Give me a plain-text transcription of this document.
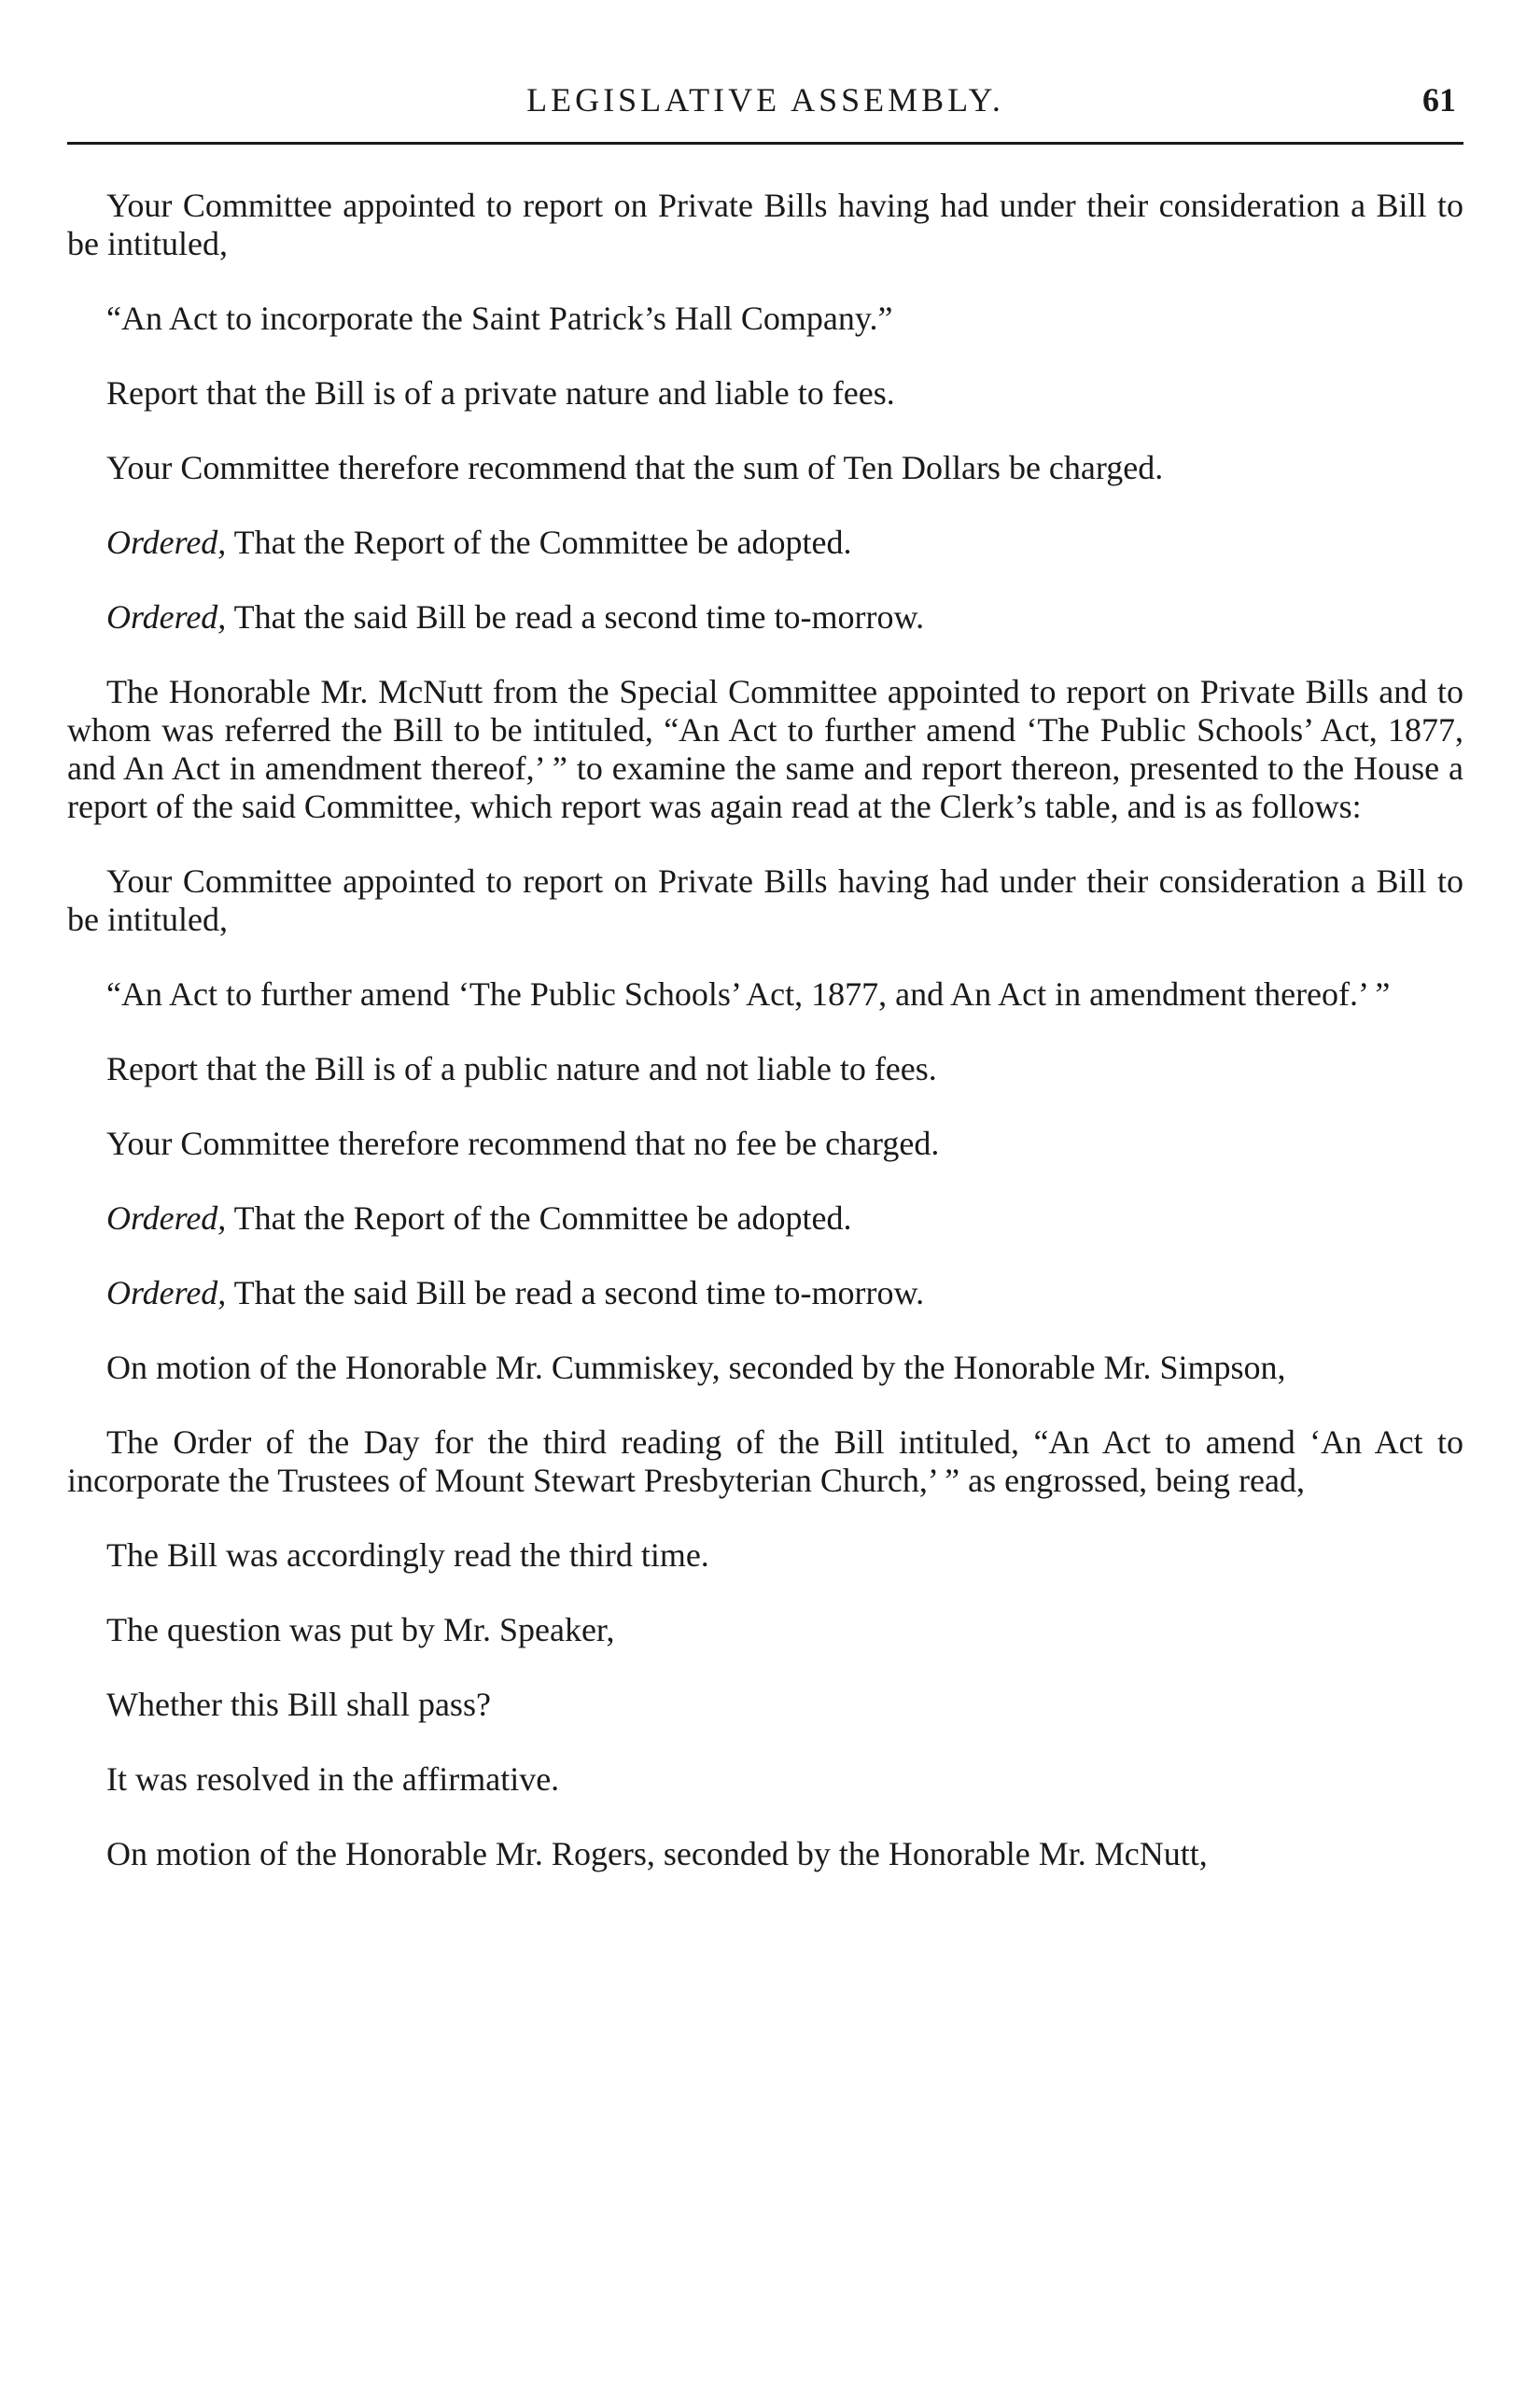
LEGISLATIVE ASSEMBLY.	61

Your Committee appointed to report on Private Bills having had under their consideration a Bill to be intituled,

“An Act to incorporate the Saint Patrick’s Hall Company.”

Report that the Bill is of a private nature and liable to fees.

Your Committee therefore recommend that the sum of Ten Dollars be charged.

Ordered, That the Report of the Committee be adopted.

Ordered, That the said Bill be read a second time to-morrow.

The Honorable Mr. McNutt from the Special Committee appointed to report on Private Bills and to whom was referred the Bill to be intituled, “An Act to further amend ‘The Public Schools’ Act, 1877, and An Act in amendment thereof,’ ” to examine the same and report thereon, presented to the House a report of the said Committee, which report was again read at the Clerk’s table, and is as follows:

Your Committee appointed to report on Private Bills having had under their consideration a Bill to be intituled,

“An Act to further amend ‘The Public Schools’ Act, 1877, and An Act in amendment thereof.’ ”

Report that the Bill is of a public nature and not liable to fees.

Your Committee therefore recommend that no fee be charged.

Ordered, That the Report of the Committee be adopted.

Ordered, That the said Bill be read a second time to-morrow.

On motion of the Honorable Mr. Cummiskey, seconded by the Honorable Mr. Simpson,

The Order of the Day for the third reading of the Bill intituled, “An Act to amend ‘An Act to incorporate the Trustees of Mount Stewart Presbyterian Church,’ ” as engrossed, being read,

The Bill was accordingly read the third time.

The question was put by Mr. Speaker,

Whether this Bill shall pass?

It was resolved in the affirmative.

On motion of the Honorable Mr. Rogers, seconded by the Honorable Mr. McNutt,
